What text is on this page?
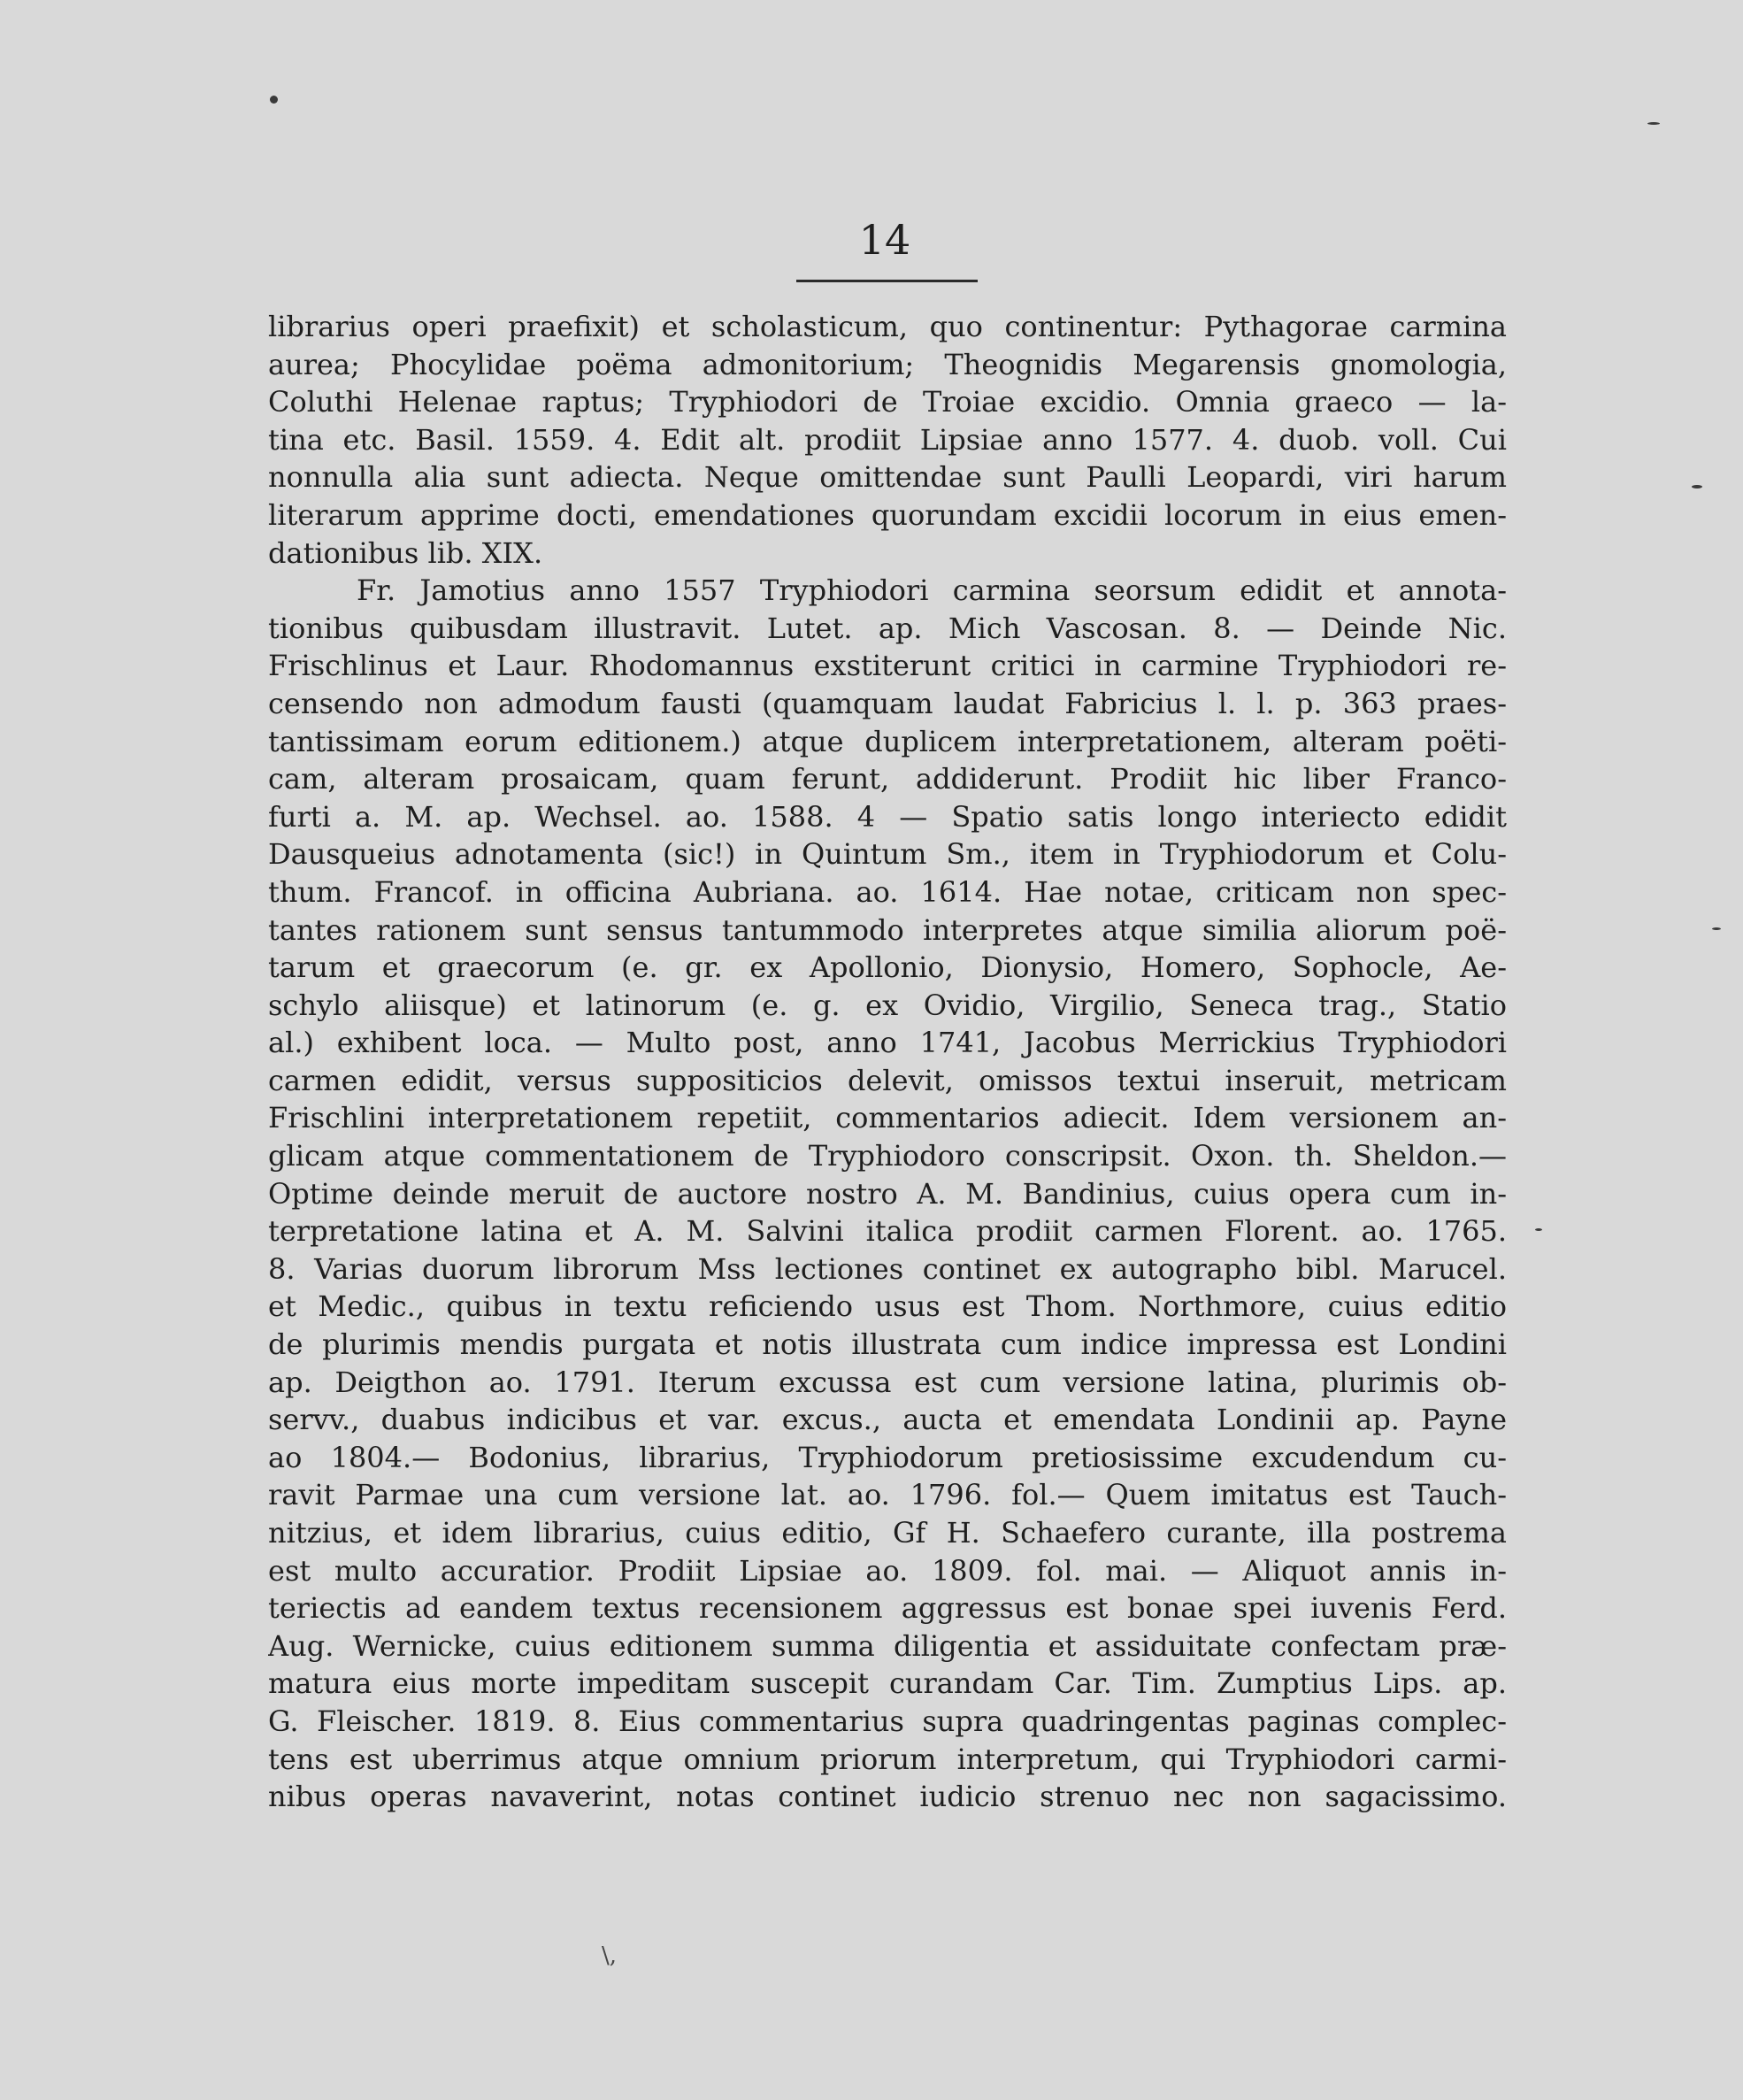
14

librarius operi praefixit) et scholasticum, quo continentur: Pythagorae carmina
aurea; Phocylidae poëma admonitorium; Theognidis Megarensis gnomologia,
Coluthi Helenae raptus; Tryphiodori de Troiae excidio. Omnia graeco — la-
tina etc. Basil. 1559. 4. Edit alt. prodiit Lipsiae anno 1577. 4. duob. voll. Cui
nonnulla alia sunt adiecta. Neque omittendae sunt Paulli Leopardi, viri harum
literarum apprime docti, emendationes quorundam excidii locorum in eius emen-
dationibus lib. XIX.

Fr. Jamotius anno 1557 Tryphiodori carmina seorsum edidit et annota-
tionibus quibusdam illustravit. Lutet. ap. Mich Vascosan. 8. — Deinde Nic.
Frischlinus et Laur. Rhodomannus exstiterunt critici in carmine Tryphiodori re-
censendo non admodum fausti (quamquam laudat Fabricius l. l. p. 363 praes-
tantissimam eorum editionem.) atque duplicem interpretationem, alteram poëti-
cam, alteram prosaicam, quam ferunt, addiderunt. Prodiit hic liber Franco-
furti a. M. ap. Wechsel. ao. 1588. 4 — Spatio satis longo interiecto edidit
Dausqueius adnotamenta (sic!) in Quintum Sm., item in Tryphiodorum et Colu-
thum. Francof. in officina Aubriana. ao. 1614. Hae notae, criticam non spec-
tantes rationem sunt sensus tantummodo interpretes atque similia aliorum poë-
tarum et graecorum (e. gr. ex Apollonio, Dionysio, Homero, Sophocle, Ae-
schylo aliisque) et latinorum (e. g. ex Ovidio, Virgilio, Seneca trag., Statio
al.) exhibent loca. — Multo post, anno 1741, Jacobus Merrickius Tryphiodori
carmen edidit, versus suppositicios delevit, omissos textui inseruit, metricam
Frischlini interpretationem repetiit, commentarios adiecit. Idem versionem an-
glicam atque commentationem de Tryphiodoro conscripsit. Oxon. th. Sheldon.—
Optime deinde meruit de auctore nostro A. M. Bandinius, cuius opera cum in-
terpretatione latina et A. M. Salvini italica prodiit carmen Florent. ao. 1765.
8. Varias duorum librorum Mss lectiones continet ex autographo bibl. Marucel.
et Medic., quibus in textu reficiendo usus est Thom. Northmore, cuius editio
de plurimis mendis purgata et notis illustrata cum indice impressa est Londini
ap. Deigthon ao. 1791. Iterum excussa est cum versione latina, plurimis ob-
servv., duabus indicibus et var. excus., aucta et emendata Londinii ap. Payne
ao 1804.— Bodonius, librarius, Tryphiodorum pretiosissime excudendum cu-
ravit Parmae una cum versione lat. ao. 1796. fol.— Quem imitatus est Tauch-
nitzius, et idem librarius, cuius editio, Gf H. Schaefero curante, illa postrema
est multo accuratior. Prodiit Lipsiae ao. 1809. fol. mai. — Aliquot annis in-
teriectis ad eandem textus recensionem aggressus est bonae spei iuvenis Ferd.
Aug. Wernicke, cuius editionem summa diligentia et assiduitate confectam præ-
matura eius morte impeditam suscepit curandam Car. Tim. Zumptius Lips. ap.
G. Fleischer. 1819. 8. Eius commentarius supra quadringentas paginas complec-
tens est uberrimus atque omnium priorum interpretum, qui Tryphiodori carmi-
nibus operas navaverint, notas continet iudicio strenuo nec non sagacissimo.

\,
